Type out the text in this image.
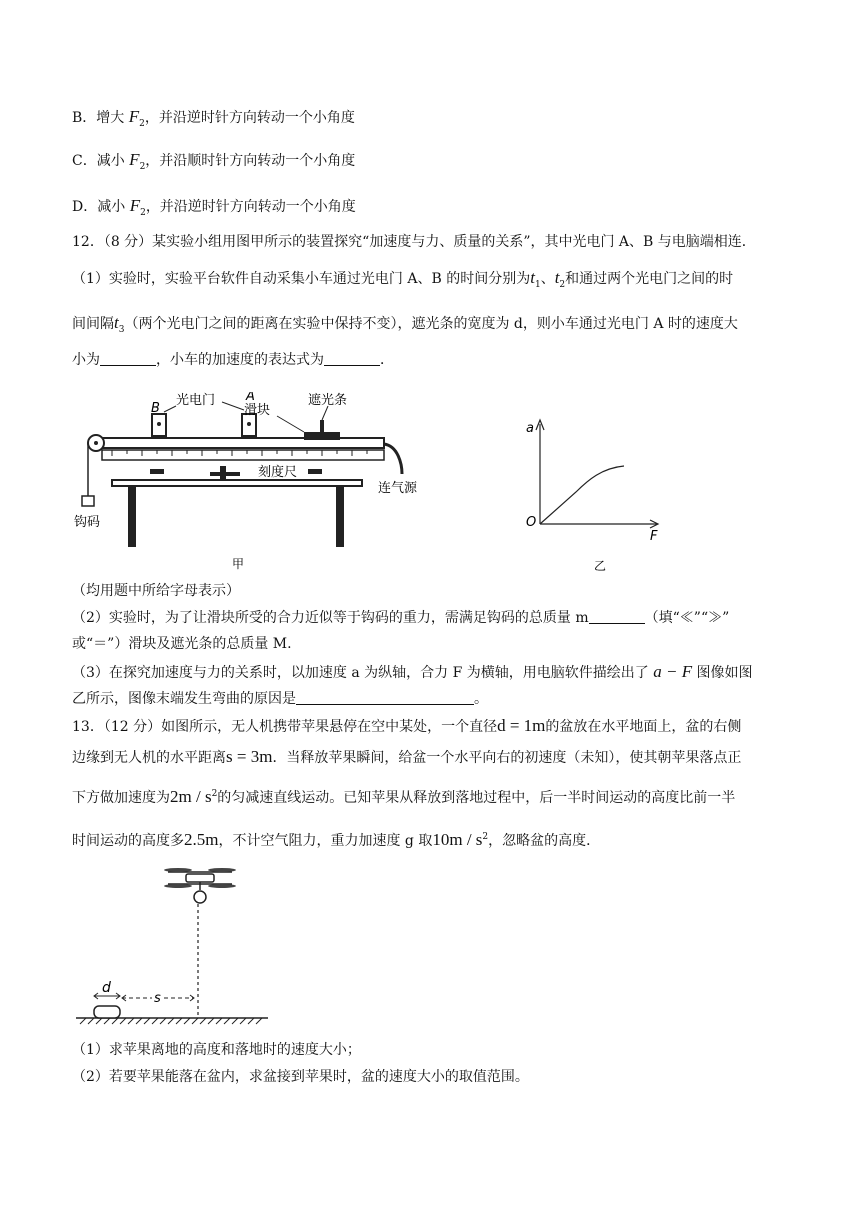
B．增大 $F_2$，并沿逆时针方向转动一个小角度
C．减小 $F_2$，并沿顺时针方向转动一个小角度
D．减小 $F_2$，并沿逆时针方向转动一个小角度
12．（8 分）某实验小组用图甲所示的装置探究“加速度与力、质量的关系”，其中光电门 A、B 与电脑端相连．
（1）实验时，实验平台软件自动采集小车通过光电门 A、B 的时间分别为$t_1$、$t_2$和通过两个光电门之间的时
间间隔$t_3$（两个光电门之间的距离在实验中保持不变），遮光条的宽度为 d，则小车通过光电门 A 时的速度大
小为	，小车的加速度的表达式为	．
钩码
B
A
光电门
滑块
遮光条
刻度尺
连气源
甲
a
O
F
乙
（均用题中所给字母表示）
（2）实验时，为了让滑块所受的合力近似等于钩码的重力，需满足钩码的总质量 m	（填“≪”“≫”
或“＝”）滑块及遮光条的总质量 M.
（3）在探究加速度与力的关系时，以加速度 a 为纵轴，合力 F 为横轴，用电脑软件描绘出了 a − F 图像如图
乙所示，图像末端发生弯曲的原因是	。
13．（12 分）如图所示，无人机携带苹果悬停在空中某处，一个直径d = 1m的盆放在水平地面上，盆的右侧
边缘到无人机的水平距离s = 3m．当释放苹果瞬间，给盆一个水平向右的初速度（未知），使其朝苹果落点正
下方做加速度为$2m / s^2$的匀减速直线运动。已知苹果从释放到落地过程中，后一半时间运动的高度比前一半
时间运动的高度多2.5m，不计空气阻力，重力加速度 g 取$10m / s^2$，忽略盆的高度．
d
s
（1）求苹果离地的高度和落地时的速度大小；
（2）若要苹果能落在盆内，求盆接到苹果时，盆的速度大小的取值范围。
